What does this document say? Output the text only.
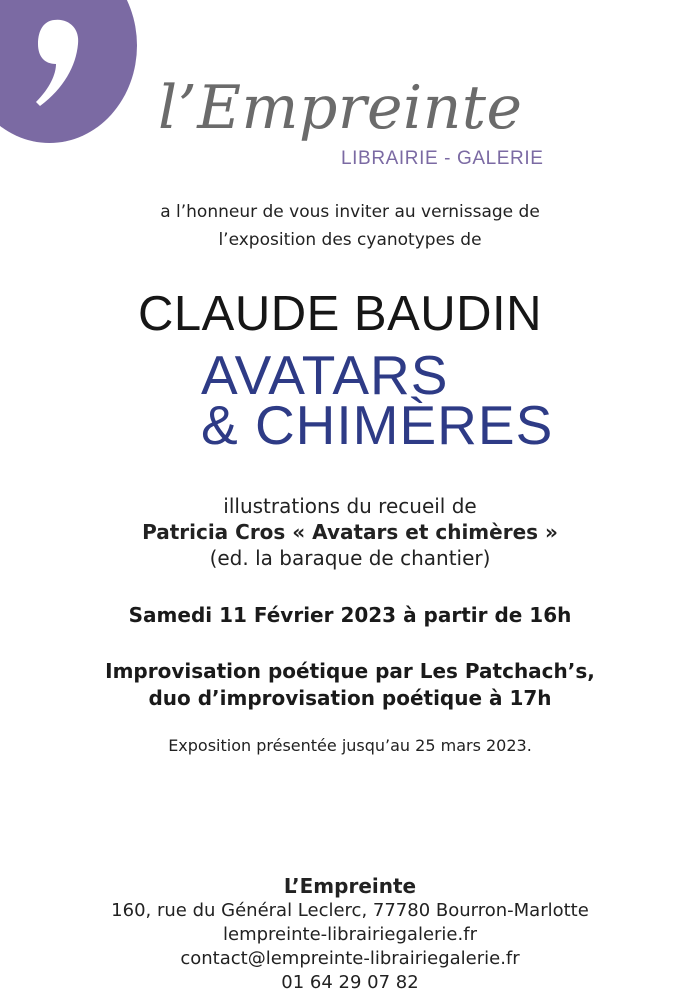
l’Empreinte
LIBRAIRIE - GALERIE
a l’honneur de vous inviter au vernissage de
l’exposition des cyanotypes de
CLAUDE BAUDIN
AVATARS
& CHIMÈRES
illustrations du recueil de
Patricia Cros « Avatars et chimères »
(ed. la baraque de chantier)
Samedi 11 Février 2023 à partir de 16h
Improvisation poétique par Les Patchach’s,
duo d’improvisation poétique à 17h
Exposition présentée jusqu’au 25 mars 2023.
L’Empreinte
160, rue du Général Leclerc, 77780 Bourron-Marlotte
lempreinte-librairiegalerie.fr
contact@lempreinte-librairiegalerie.fr
01 64 29 07 82
